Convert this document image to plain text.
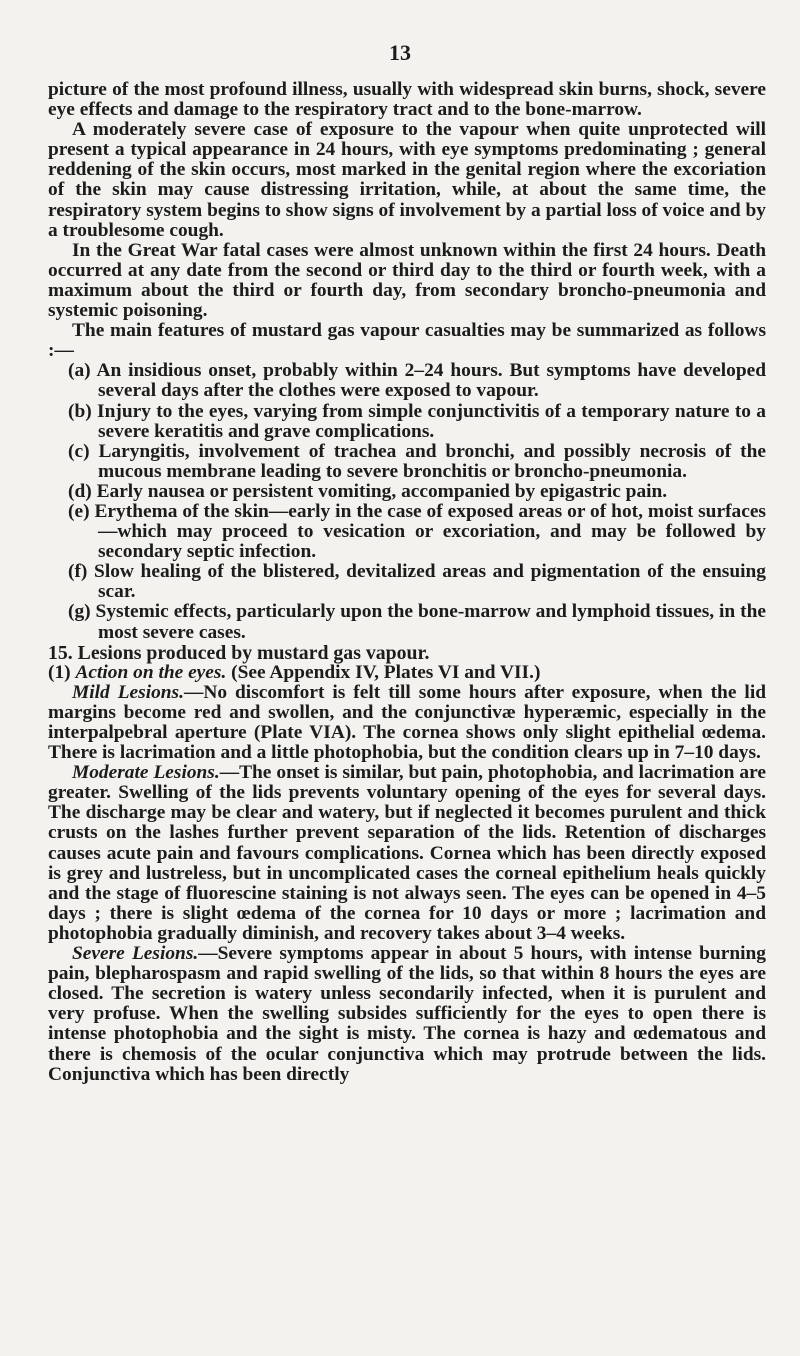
13

picture of the most profound illness, usually with widespread skin burns, shock, severe eye effects and damage to the respiratory tract and to the bone-marrow.

A moderately severe case of exposure to the vapour when quite unprotected will present a typical appearance in 24 hours, with eye symptoms predominating ; general reddening of the skin occurs, most marked in the genital region where the excoriation of the skin may cause distressing irritation, while, at about the same time, the respiratory system begins to show signs of involvement by a partial loss of voice and by a troublesome cough.

In the Great War fatal cases were almost unknown within the first 24 hours. Death occurred at any date from the second or third day to the third or fourth week, with a maximum about the third or fourth day, from secondary broncho-pneumonia and systemic poisoning.

The main features of mustard gas vapour casualties may be summarized as follows :—

(a) An insidious onset, probably within 2–24 hours. But symptoms have developed several days after the clothes were exposed to vapour.
(b) Injury to the eyes, varying from simple conjunctivitis of a temporary nature to a severe keratitis and grave complications.
(c) Laryngitis, involvement of trachea and bronchi, and possibly necrosis of the mucous membrane leading to severe bronchitis or broncho-pneumonia.
(d) Early nausea or persistent vomiting, accompanied by epigastric pain.
(e) Erythema of the skin—early in the case of exposed areas or of hot, moist surfaces—which may proceed to vesication or excoriation, and may be followed by secondary septic infection.
(f) Slow healing of the blistered, devitalized areas and pigmentation of the ensuing scar.
(g) Systemic effects, particularly upon the bone-marrow and lymphoid tissues, in the most severe cases.

15. Lesions produced by mustard gas vapour.

(1) Action on the eyes. (See Appendix IV, Plates VI and VII.)

Mild Lesions.—No discomfort is felt till some hours after exposure, when the lid margins become red and swollen, and the conjunctivæ hyperæmic, especially in the interpalpebral aperture (Plate VIA). The cornea shows only slight epithelial œdema. There is lacrimation and a little photophobia, but the condition clears up in 7–10 days.

Moderate Lesions.—The onset is similar, but pain, photophobia, and lacrimation are greater. Swelling of the lids prevents voluntary opening of the eyes for several days. The discharge may be clear and watery, but if neglected it becomes purulent and thick crusts on the lashes further prevent separation of the lids. Retention of discharges causes acute pain and favours complications. Cornea which has been directly exposed is grey and lustreless, but in uncomplicated cases the corneal epithelium heals quickly and the stage of fluorescine staining is not always seen. The eyes can be opened in 4–5 days ; there is slight œdema of the cornea for 10 days or more ; lacrimation and photophobia gradually diminish, and recovery takes about 3–4 weeks.

Severe Lesions.—Severe symptoms appear in about 5 hours, with intense burning pain, blepharospasm and rapid swelling of the lids, so that within 8 hours the eyes are closed. The secretion is watery unless secondarily infected, when it is purulent and very profuse. When the swelling subsides sufficiently for the eyes to open there is intense photophobia and the sight is misty. The cornea is hazy and œdematous and there is chemosis of the ocular conjunctiva which may protrude between the lids. Conjunctiva which has been directly
